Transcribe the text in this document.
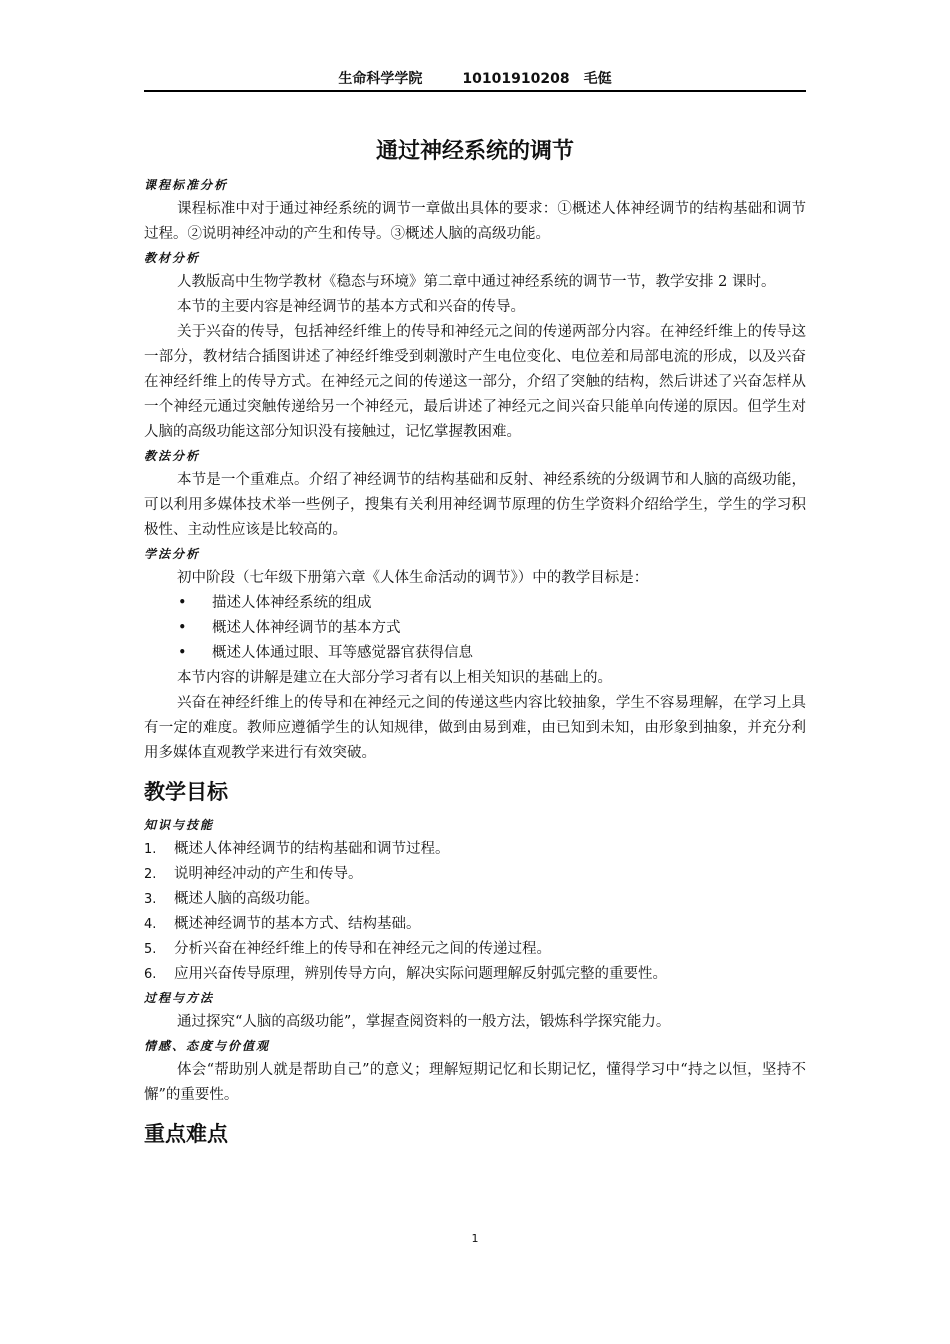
生命科学学院	10101910208 毛侹
通过神经系统的调节
课程标准分析

课程标准中对于通过神经系统的调节一章做出具体的要求：①概述人体神经调节的结构基础和调节过程。②说明神经冲动的产生和传导。③概述人脑的高级功能。

教材分析

人教版高中生物学教材《稳态与环境》第二章中通过神经系统的调节一节，教学安排 2 课时。

本节的主要内容是神经调节的基本方式和兴奋的传导。

关于兴奋的传导，包括神经纤维上的传导和神经元之间的传递两部分内容。在神经纤维上的传导这一部分，教材结合插图讲述了神经纤维受到刺激时产生电位变化、电位差和局部电流的形成，以及兴奋在神经纤维上的传导方式。在神经元之间的传递这一部分，介绍了突触的结构，然后讲述了兴奋怎样从一个神经元通过突触传递给另一个神经元，最后讲述了神经元之间兴奋只能单向传递的原因。但学生对人脑的高级功能这部分知识没有接触过，记忆掌握教困难。

教法分析

本节是一个重难点。介绍了神经调节的结构基础和反射、神经系统的分级调节和人脑的高级功能，可以利用多媒体技术举一些例子，搜集有关利用神经调节原理的仿生学资料介绍给学生，学生的学习积极性、主动性应该是比较高的。

学法分析

初中阶段（七年级下册第六章《人体生命活动的调节》）中的教学目标是：

• 描述人体神经系统的组成

• 概述人体神经调节的基本方式

• 概述人体通过眼、耳等感觉器官获得信息

本节内容的讲解是建立在大部分学习者有以上相关知识的基础上的。

兴奋在神经纤维上的传导和在神经元之间的传递这些内容比较抽象，学生不容易理解，在学习上具有一定的难度。教师应遵循学生的认知规律，做到由易到难，由已知到未知，由形象到抽象，并充分利用多媒体直观教学来进行有效突破。

教学目标
知识与技能

1. 概述人体神经调节的结构基础和调节过程。

2. 说明神经冲动的产生和传导。

3. 概述人脑的高级功能。

4. 概述神经调节的基本方式、结构基础。

5. 分析兴奋在神经纤维上的传导和在神经元之间的传递过程。

6. 应用兴奋传导原理，辨别传导方向，解决实际问题理解反射弧完整的重要性。

过程与方法

通过探究“人脑的高级功能”，掌握查阅资料的一般方法，锻炼科学探究能力。

情感、态度与价值观

体会“帮助别人就是帮助自己”的意义；理解短期记忆和长期记忆，懂得学习中“持之以恒，坚持不懈”的重要性。

重点难点
1
